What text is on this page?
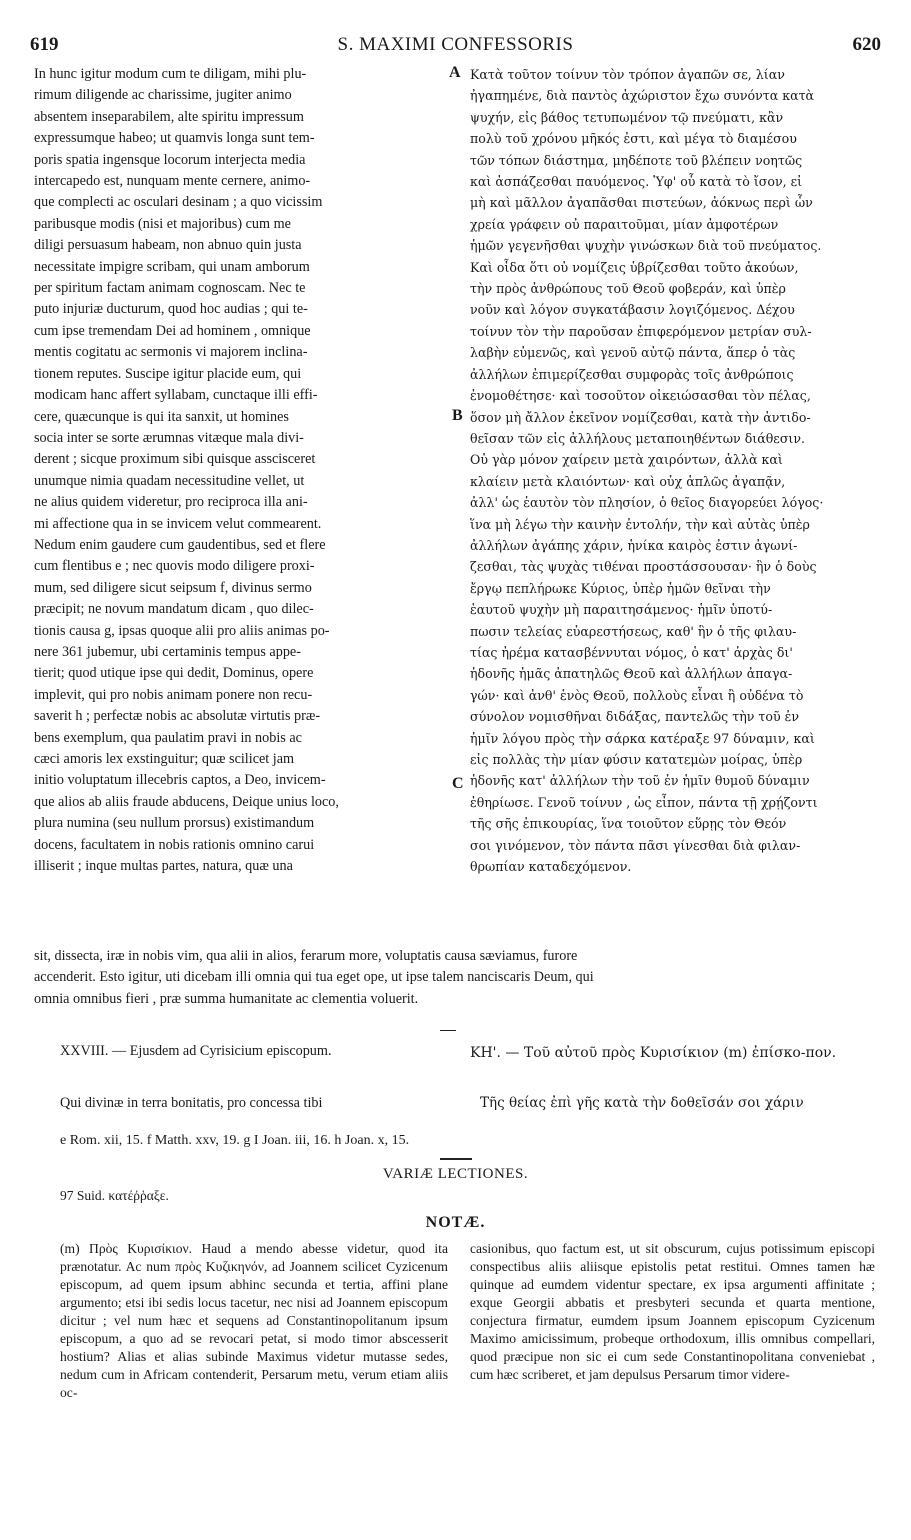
619	S. MAXIMI CONFESSORIS	620
A
B
C
In hunc igitur modum cum te diligam, mihi plu-
rimum diligende ac charissime, jugiter animo
absentem inseparabilem, alte spiritu impressum
expressumque habeo; ut quamvis longa sunt tem-
poris spatia ingensque locorum interjecta media
intercapedo est, nunquam mente cernere, animo-
que complecti ac osculari desinam ; a quo vicissim
paribusque modis (nisi et majoribus) cum me
diligi persuasum habeam, non abnuo quin justa
necessitate impigre scribam, qui unam amborum
per spiritum factam animam cognoscam. Nec te
puto injuriæ ducturum, quod hoc audias ; qui te-
cum ipse tremendam Dei ad hominem , omnique
mentis cogitatu ac sermonis vi majorem inclina-
tionem reputes. Suscipe igitur placide eum, qui
modicam hanc affert syllabam, cunctaque illi effi-
cere, quæcunque is qui ita sanxit, ut homines
socia inter se sorte ærumnas vitæque mala divi-
derent ; sicque proximum sibi quisque asscisceret
unumque nimia quadam necessitudine vellet, ut
ne alius quidem videretur, pro reciproca illa ani-
mi affectione qua in se invicem velut commearent.
Nedum enim gaudere cum gaudentibus, sed et flere
cum flentibus e ; nec quovis modo diligere proxi-
mum, sed diligere sicut seipsum f, divinus sermo
præcipit; ne novum mandatum dicam , quo dilec-
tionis causa g, ipsas quoque alii pro aliis animas po-
nere 361 jubemur, ubi certaminis tempus appe-
tierit; quod utique ipse qui dedit, Dominus, opere
implevit, qui pro nobis animam ponere non recu-
saverit h ; perfectæ nobis ac absolutæ virtutis præ-
bens exemplum, qua paulatim pravi in nobis ac
cæci amoris lex exstinguitur; quæ scilicet jam
initio voluptatum illecebris captos, a Deo, invicem-
que alios ab aliis fraude abducens, Deique unius loco,
plura numina (seu nullum prorsus) existimandum
docens, facultatem in nobis rationis omnino carui
illiserit ; inque multas partes, natura, quæ una
Κατὰ τοῦτον τοίνυν τὸν τρόπον ἀγαπῶν σε, λίαν
ἠγαπημένε, διὰ παντὸς ἀχώριστον ἔχω συνόντα κατὰ
ψυχήν, εἰς βάθος τετυπωμένον τῷ πνεύματι, κἂν
πολὺ τοῦ χρόνου μῆκός ἐστι, καὶ μέγα τὸ διαμέσου
τῶν τόπων διάστημα, μηδέποτε τοῦ βλέπειν νοητῶς
καὶ ἀσπάζεσθαι παυόμενος. Ὑφ' οὗ κατὰ τὸ ἴσον, εἰ
μὴ καὶ μᾶλλον ἀγαπᾶσθαι πιστεύων, ἀόκνως περὶ ὧν
χρεία γράφειν οὐ παραιτοῦμαι, μίαν ἀμφοτέρων
ἡμῶν γεγενῆσθαι ψυχὴν γινώσκων διὰ τοῦ πνεύματος.
Καὶ οἶδα ὅτι οὐ νομίζεις ὑβρίζεσθαι τοῦτο ἀκούων,
τὴν πρὸς ἀνθρώπους τοῦ Θεοῦ φοβεράν, καὶ ὑπὲρ
νοῦν καὶ λόγον συγκατάβασιν λογιζόμενος. Δέχου
τοίνυν τὸν τὴν παροῦσαν ἐπιφερόμενον μετρίαν συλ-
λαβὴν εὐμενῶς, καὶ γενοῦ αὐτῷ πάντα, ἅπερ ὁ τὰς
ἀλλήλων ἐπιμερίζεσθαι συμφορὰς τοῖς ἀνθρώποις
ἐνομοθέτησε· καὶ τοσοῦτον οἰκειώσασθαι τὸν πέλας,
ὅσον μὴ ἄλλον ἐκεῖνον νομίζεσθαι, κατὰ τὴν ἀντιδο-
θεῖσαν τῶν εἰς ἀλλήλους μεταποιηθέντων διάθεσιν.
Οὐ γὰρ μόνον χαίρειν μετὰ χαιρόντων, ἀλλὰ καὶ
κλαίειν μετὰ κλαιόντων· καὶ οὐχ ἁπλῶς ἀγαπᾷν,
ἀλλ' ὡς ἑαυτὸν τὸν πλησίον, ὁ θεῖος διαγορεύει λόγος·
ἵνα μὴ λέγω τὴν καινὴν ἐντολήν, τὴν καὶ αὐτὰς ὑπὲρ
ἀλλήλων ἀγάπης χάριν, ἡνίκα καιρὸς ἐστιν ἀγωνί-
ζεσθαι, τὰς ψυχὰς τιθέναι προστάσσουσαν· ἣν ὁ δοὺς
ἔργῳ πεπλήρωκε Κύριος, ὑπὲρ ἡμῶν θεῖναι τὴν
ἑαυτοῦ ψυχὴν μὴ παραιτησάμενος· ἡμῖν ὑποτύ-
πωσιν τελείας εὐαρεστήσεως, καθ' ἣν ὁ τῆς φιλαυ-
τίας ἠρέμα κατασβέννυται νόμος, ὁ κατ' ἀρχὰς δι'
ἡδονῆς ἡμᾶς ἀπατηλῶς Θεοῦ καὶ ἀλλήλων ἀπαγα-
γών· καὶ ἀνθ' ἑνὸς Θεοῦ, πολλοὺς εἶναι ἢ οὐδένα τὸ
σύνολον νομισθῆναι διδάξας, παντελῶς τὴν τοῦ ἐν
ἡμῖν λόγου πρὸς τὴν σάρκα κατέραξε 97 δύναμιν, καὶ
εἰς πολλὰς τὴν μίαν φύσιν κατατεμὼν μοίρας, ὑπὲρ
ἡδονῆς κατ' ἀλλήλων τὴν τοῦ ἐν ἡμῖν θυμοῦ δύναμιν
ἐθηρίωσε. Γενοῦ τοίνυν , ὡς εἶπον, πάντα τῇ χρῄζοντι
τῆς σῆς ἐπικουρίας, ἵνα τοιοῦτον εὕρῃς τὸν Θεόν
σοι γινόμενον, τὸν πάντα πᾶσι γίνεσθαι διὰ φιλαν-
θρωπίαν καταδεχόμενον.
sit, dissecta, iræ in nobis vim, qua alii in alios, ferarum more, voluptatis causa sæviamus, furore
accenderit. Esto igitur, uti dicebam illi omnia qui tua eget ope, ut ipse talem nanciscaris Deum, qui
omnia omnibus fieri , præ summa humanitate ac clementia voluerit.
XXVIII. — Ejusdem ad Cyrisicium episcopum.	ΚΗ'. — Τοῦ αὐτοῦ πρὸς Κυρισίκιον (m) ἐπίσκο-πον.
Qui divinæ in terra bonitatis, pro concessa tibi	Τῆς θείας ἐπὶ γῆς κατὰ τὴν δοθεῖσάν σοι χάριν
e Rom. xii, 15. f Matth. xxv, 19. g I Joan. iii, 16. h Joan. x, 15.
VARIÆ LECTIONES.
97 Suid. κατέῤῥαξε.
NOTÆ.
(m) Πρὸς Κυρισίκιον. Haud a mendo abesse videtur, quod ita prænotatur. Ac num πρὸς Κυζικηνόν, ad Joannem scilicet Cyzicenum episcopum, ad quem ipsum abhinc secunda et tertia, affini plane argumento; etsi ibi sedis locus tacetur, nec nisi ad Joannem episcopum dicitur ; vel num hæc et sequens ad Constantinopolitanum ipsum episcopum, a quo ad se revocari petat, si modo timor abscesserit hostium? Alias et alias subinde Maximus videtur mutasse sedes, nedum cum in Africam contenderit, Persarum metu, verum etiam aliis oc-
casionibus, quo factum est, ut sit obscurum, cujus potissimum episcopi conspectibus aliis aliisque epistolis petat restitui. Omnes tamen hæ quinque ad eumdem videntur spectare, ex ipsa argumenti affinitate ; exque Georgii abbatis et presbyteri secunda et quarta mentione, conjectura firmatur, eumdem ipsum Joannem episcopum Cyzicenum Maximo amicissimum, probeque orthodoxum, illis omnibus compellari, quod præcipue non sic ei cum sede Constantinopolitana conveniebat , cum hæc scriberet, et jam depulsus Persarum timor videre-
